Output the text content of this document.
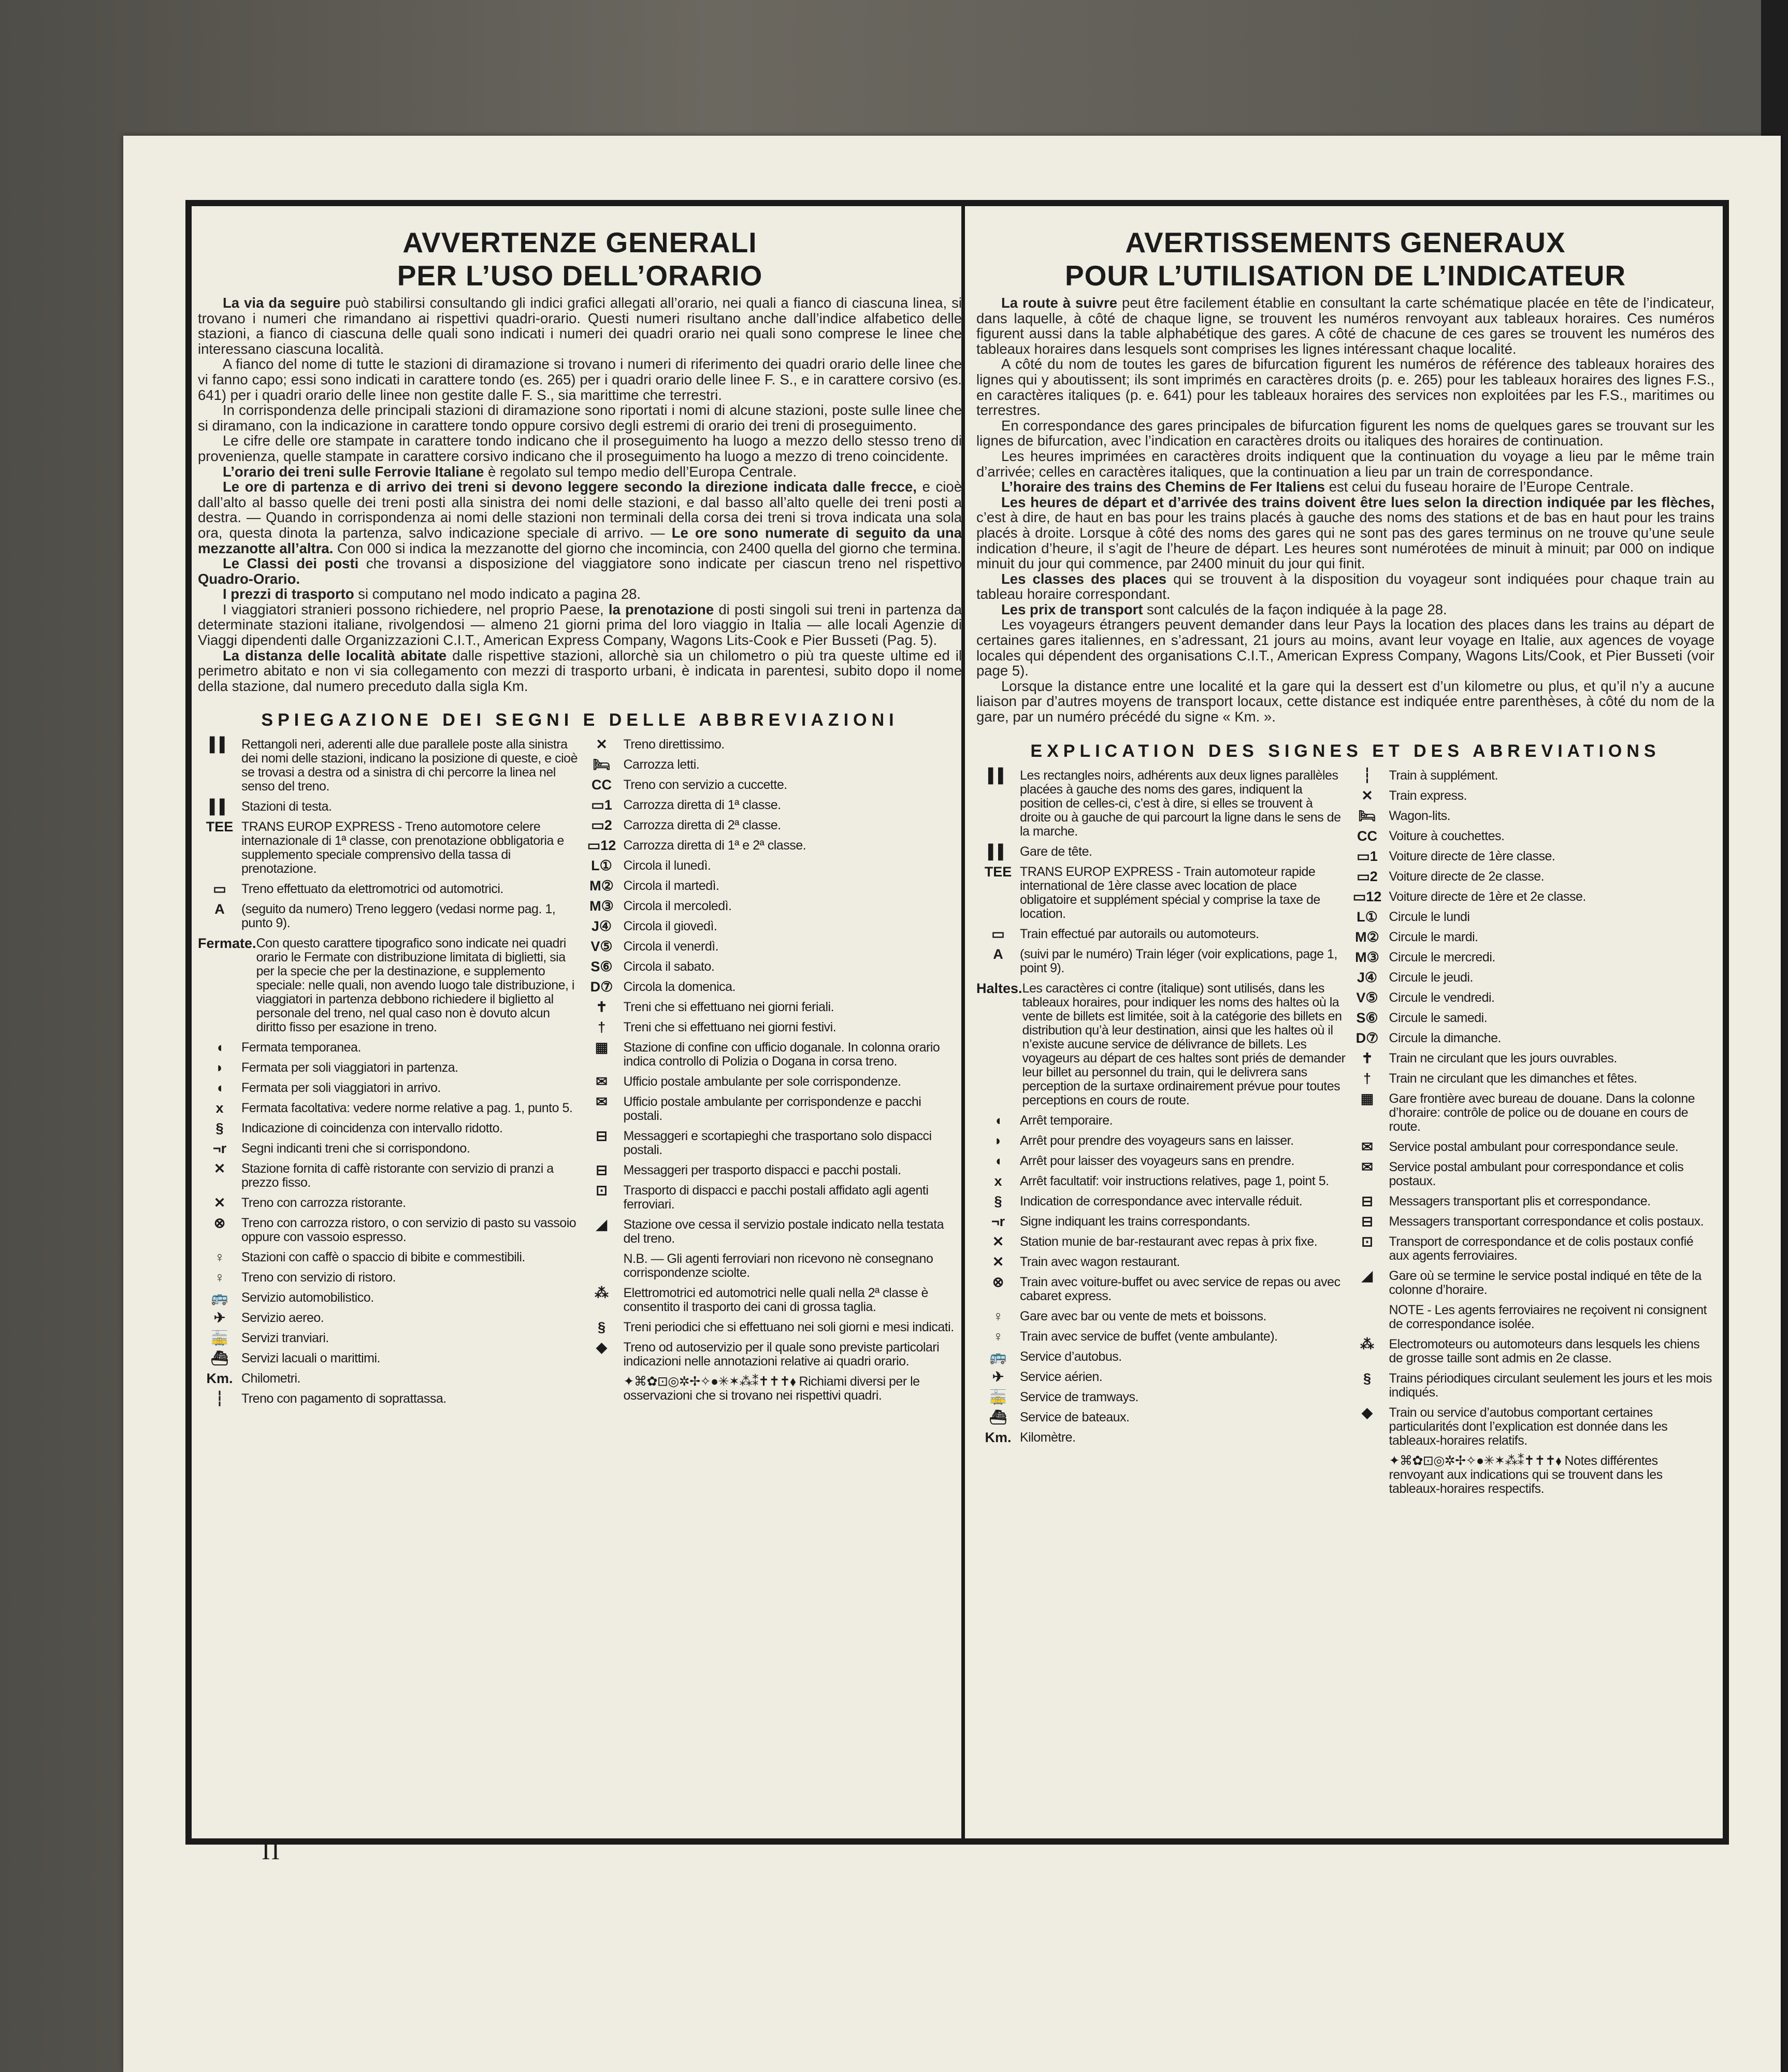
AVVERTENZE GENERALI
PER L’USO DELL’ORARIO

La via da seguire può stabilirsi consultando gli indici grafici allegati all’orario, nei quali a fianco di ciascuna linea, si trovano i numeri che rimandano ai rispettivi quadri-orario. Questi numeri risultano anche dall’indice alfabetico delle stazioni, a fianco di ciascuna delle quali sono indicati i numeri dei quadri orario nei quali sono comprese le linee che interessano ciascuna località.

A fianco del nome di tutte le stazioni di diramazione si trovano i numeri di riferimento dei quadri orario delle linee che vi fanno capo; essi sono indicati in carattere tondo (es. 265) per i quadri orario delle linee F. S., e in carattere corsivo (es. 641) per i quadri orario delle linee non gestite dalle F. S., sia marittime che terrestri.

In corrispondenza delle principali stazioni di diramazione sono riportati i nomi di alcune stazioni, poste sulle linee che si diramano, con la indicazione in carattere tondo oppure corsivo degli estremi di orario dei treni di proseguimento.

Le cifre delle ore stampate in carattere tondo indicano che il proseguimento ha luogo a mezzo dello stesso treno di provenienza, quelle stampate in carattere corsivo indicano che il proseguimento ha luogo a mezzo di treno coincidente.

L’orario dei treni sulle Ferrovie Italiane è regolato sul tempo medio dell’Europa Centrale.

Le ore di partenza e di arrivo dei treni si devono leggere secondo la direzione indicata dalle frecce, e cioè dall’alto al basso quelle dei treni posti alla sinistra dei nomi delle stazioni, e dal basso all’alto quelle dei treni posti a destra. — Quando in corrispondenza ai nomi delle stazioni non terminali della corsa dei treni si trova indicata una sola ora, questa dinota la partenza, salvo indicazione speciale di arrivo. — Le ore sono numerate di seguito da una mezzanotte all’altra. Con 000 si indica la mezzanotte del giorno che incomincia, con 2400 quella del giorno che termina.

Le Classi dei posti che trovansi a disposizione del viaggiatore sono indicate per ciascun treno nel rispettivo Quadro-Orario.

I prezzi di trasporto si computano nel modo indicato a pagina 28.

I viaggiatori stranieri possono richiedere, nel proprio Paese, la prenotazione di posti singoli sui treni in partenza da determinate stazioni italiane, rivolgendosi — almeno 21 giorni prima del loro viaggio in Italia — alle locali Agenzie di Viaggi dipendenti dalle Organizzazioni C.I.T., American Express Company, Wagons Lits-Cook e Pier Busseti (Pag. 5).

La distanza delle località abitate dalle rispettive stazioni, allorchè sia un chilometro o più tra queste ultime ed il perimetro abitato e non vi sia collegamento con mezzi di trasporto urbani, è indicata in parentesi, subito dopo il nome della stazione, dal numero preceduto dalla sigla Km.

SPIEGAZIONE DEI SEGNI E DELLE ABBREVIAZIONI
▌▌ Rettangoli neri, aderenti alle due parallele poste alla sinistra dei nomi delle stazioni, indicano la posizione di queste, e cioè se trovasi a destra od a sinistra di chi percorre la linea nel senso del treno.
▌▌ Stazioni di testa.
TEE TRANS EUROP EXPRESS - Treno automotore celere internazionale di 1ª classe, con prenotazione obbligatoria e supplemento speciale comprensivo della tassa di prenotazione.
▭	Treno effettuato da elettromotrici od automotrici.
A	(seguito da numero) Treno leggero (vedasi norme pag. 1, punto 9).
Fermate. Con questo carattere tipografico sono indicate nei quadri orario le Fermate con distribuzione limitata di biglietti, sia per la specie che per la destinazione, e supplemento speciale: nelle quali, non avendo luogo tale distribuzione, i viaggiatori in partenza debbono richiedere il biglietto al personale del treno, nel qual caso non è dovuto alcun diritto fisso per esazione in treno.
◖	Fermata temporanea.
◗	Fermata per soli viaggiatori in partenza.
◖	Fermata per soli viaggiatori in arrivo.
x	Fermata facoltativa: vedere norme relative a pag. 1, punto 5.
§	Indicazione di coincidenza con intervallo ridotto.
¬r	Segni indicanti treni che si corrispondono.
✕	Stazione fornita di caffè ristorante con servizio di pranzi a prezzo fisso.
✕	Treno con carrozza ristorante.
⊗	Treno con carrozza ristoro, o con servizio di pasto su vassoio oppure con vassoio espresso.
♀	Stazioni con caffè o spaccio di bibite e commestibili.
♀	Treno con servizio di ristoro.
🚌	Servizio automobilistico.
✈	Servizio aereo.
🚋	Servizi tranviari.
⛴ Servizi lacuali o marittimi.
Km. Chilometri.
┆	Treno con pagamento di soprattassa.
✕	Treno direttissimo.
🛏 Carrozza letti.
CC Treno con servizio a cuccette.
▭1 Carrozza diretta di 1ª classe.
▭2 Carrozza diretta di 2ª classe.
▭12 Carrozza diretta di 1ª e 2ª classe.
L① Circola il lunedì.
M② Circola il martedì.
M③ Circola il mercoledì.
J④ Circola il giovedì.
V⑤ Circola il venerdì.
S⑥ Circola il sabato.
D⑦ Circola la domenica.
✝	Treni che si effettuano nei giorni feriali.
†	Treni che si effettuano nei giorni festivi.
▦	Stazione di confine con ufficio doganale. In colonna orario indica controllo di Polizia o Dogana in corsa treno.
✉	Ufficio postale ambulante per sole corrispondenze.
✉	Ufficio postale ambulante per corrispondenze e pacchi postali.
⊟	Messaggeri e scortapieghi che trasportano solo dispacci postali.
⊟	Messaggeri per trasporto dispacci e pacchi postali.
⊡	Trasporto di dispacci e pacchi postali affidato agli agenti ferroviari.
◢	Stazione ove cessa il servizio postale indicato nella testata del treno.
N.B. — Gli agenti ferroviari non ricevono nè consegnano corrispondenze sciolte.
⁂	Elettromotrici ed automotrici nelle quali nella 2ª classe è consentito il trasporto dei cani di grossa taglia.
§	Treni periodici che si effettuano nei soli giorni e mesi indicati.
◆	Treno od autoservizio per il quale sono previste particolari indicazioni nelle annotazioni relative ai quadri orario.
✦⌘✿⊡◎✲✢✧●✳✶⁂⁑✝✝✝⬧ Richiami diversi per le osservazioni che si trovano nei rispettivi quadri.
AVERTISSEMENTS GENERAUX
POUR L’UTILISATION DE L’INDICATEUR

La route à suivre peut être facilement établie en consultant la carte schématique placée en tête de l’indicateur, dans laquelle, à côté de chaque ligne, se trouvent les numéros renvoyant aux tableaux horaires. Ces numéros figurent aussi dans la table alphabétique des gares. A côté de chacune de ces gares se trouvent les numéros des tableaux horaires dans lesquels sont comprises les lignes intéressant chaque localité.

A côté du nom de toutes les gares de bifurcation figurent les numéros de référence des tableaux horaires des lignes qui y aboutissent; ils sont imprimés en caractères droits (p. e. 265) pour les tableaux horaires des lignes F.S., en caractères italiques (p. e. 641) pour les tableaux horaires des services non exploitées par les F.S., maritimes ou terrestres.

En correspondance des gares principales de bifurcation figurent les noms de quelques gares se trouvant sur les lignes de bifurcation, avec l’indication en caractères droits ou italiques des horaires de continuation.

Les heures imprimées en caractères droits indiquent que la continuation du voyage a lieu par le même train d’arrivée; celles en caractères italiques, que la continuation a lieu par un train de correspondance.

L’horaire des trains des Chemins de Fer Italiens est celui du fuseau horaire de l’Europe Centrale.

Les heures de départ et d’arrivée des trains doivent être lues selon la direction indiquée par les flèches, c’est à dire, de haut en bas pour les trains placés à gauche des noms des stations et de bas en haut pour les trains placés à droite. Lorsque à côté des noms des gares qui ne sont pas des gares terminus on ne trouve qu’une seule indication d’heure, il s’agit de l’heure de départ. Les heures sont numérotées de minuit à minuit; par 000 on indique minuit du jour qui commence, par 2400 minuit du jour qui finit.

Les classes des places qui se trouvent à la disposition du voyageur sont indiquées pour chaque train au tableau horaire correspondant.

Les prix de transport sont calculés de la façon indiquée à la page 28.

Les voyageurs étrangers peuvent demander dans leur Pays la location des places dans les trains au départ de certaines gares italiennes, en s’adressant, 21 jours au moins, avant leur voyage en Italie, aux agences de voyage locales qui dépendent des organisations C.I.T., American Express Company, Wagons Lits/Cook, et Pier Busseti (voir page 5).

Lorsque la distance entre une localité et la gare qui la dessert est d’un kilometre ou plus, et qu’il n’y a aucune liaison par d’autres moyens de transport locaux, cette distance est indiquée entre parenthèses, à côté du nom de la gare, par un numéro précédé du signe « Km. ».

EXPLICATION DES SIGNES ET DES ABREVIATIONS
▌▌ Les rectangles noirs, adhérents aux deux lignes parallèles placées à gauche des noms des gares, indiquent la position de celles-ci, c’est à dire, si elles se trouvent à droite ou à gauche de qui parcourt la ligne dans le sens de la marche.
▌▌ Gare de tête.
TEE TRANS EUROP EXPRESS - Train automoteur rapide international de 1ère classe avec location de place obligatoire et supplément spécial y comprise la taxe de location.
▭	Train effectué par autorails ou automoteurs.
A	(suivi par le numéro) Train léger (voir explications, page 1, point 9).
Haltes. Les caractères ci contre (italique) sont utilisés, dans les tableaux horaires, pour indiquer les noms des haltes où la vente de billets est limitée, soit à la catégorie des billets en distribution qu’à leur destination, ainsi que les haltes où il n’existe aucune service de délivrance de billets. Les voyageurs au départ de ces haltes sont priés de demander leur billet au personnel du train, qui le delivrera sans perception de la surtaxe ordinairement prévue pour toutes perceptions en cours de route.
◖	Arrêt temporaire.
◗	Arrêt pour prendre des voyageurs sans en laisser.
◖	Arrêt pour laisser des voyageurs sans en prendre.
x	Arrêt facultatif: voir instructions relatives, page 1, point 5.
§	Indication de correspondance avec intervalle réduit.
¬r	Signe indiquant les trains correspondants.
✕	Station munie de bar-restaurant avec repas à prix fixe.
✕	Train avec wagon restaurant.
⊗	Train avec voiture-buffet ou avec service de repas ou avec cabaret express.
♀	Gare avec bar ou vente de mets et boissons.
♀	Train avec service de buffet (vente ambulante).
🚌	Service d’autobus.
✈	Service aérien.
🚋	Service de tramways.
⛴ Service de bateaux.
Km. Kilomètre.
┆	Train à supplément.
✕	Train express.
🛏 Wagon-lits.
CC Voiture à couchettes.
▭1 Voiture directe de 1ère classe.
▭2 Voiture directe de 2e classe.
▭12 Voiture directe de 1ère et 2e classe.
L① Circule le lundi
M② Circule le mardi.
M③ Circule le mercredi.
J④ Circule le jeudi.
V⑤ Circule le vendredi.
S⑥ Circule le samedi.
D⑦ Circule la dimanche.
✝	Train ne circulant que les jours ouvrables.
†	Train ne circulant que les dimanches et fêtes.
▦	Gare frontière avec bureau de douane. Dans la colonne d’horaire: contrôle de police ou de douane en cours de route.
✉	Service postal ambulant pour correspondance seule.
✉	Service postal ambulant pour correspondance et colis postaux.
⊟	Messagers transportant plis et correspondance.
⊟	Messagers transportant correspondance et colis postaux.
⊡	Transport de correspondance et de colis postaux confié aux agents ferroviaires.
◢	Gare où se termine le service postal indiqué en tête de la colonne d’horaire.
NOTE - Les agents ferroviaires ne reçoivent ni consignent de correspondance isolée.
⁂	Electromoteurs ou automoteurs dans lesquels les chiens de grosse taille sont admis en 2e classe.
§	Trains périodiques circulant seulement les jours et les mois indiqués.
◆	Train ou service d’autobus comportant certaines particularités dont l’explication est donnée dans les tableaux-horaires relatifs.
✦⌘✿⊡◎✲✢✧●✳✶⁂⁑✝✝✝⬧ Notes différentes renvoyant aux indications qui se trouvent dans les tableaux-horaires respectifs.
II
